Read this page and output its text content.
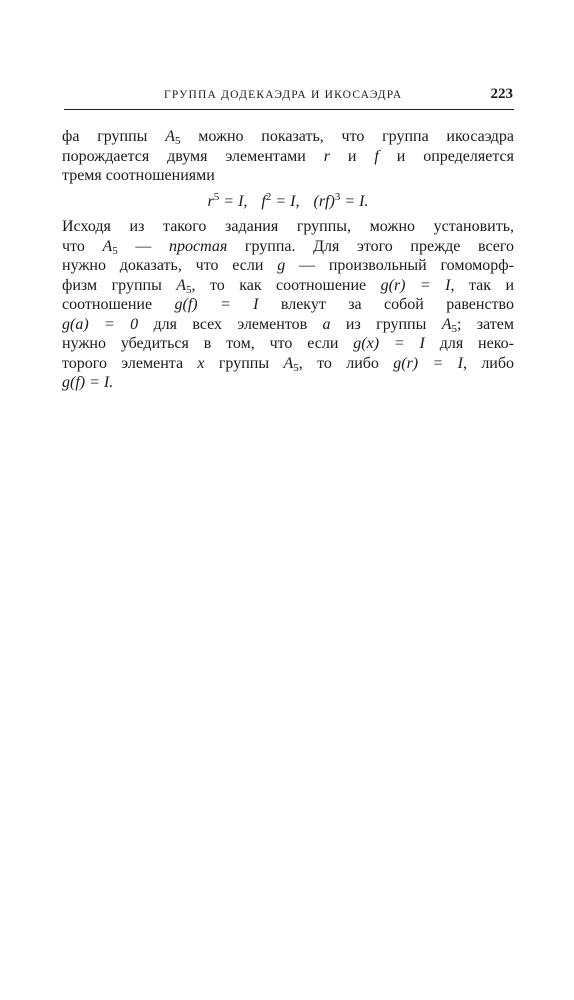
ГРУППА ДОДЕКАЭДРА И ИКОСАЭДРА	223
фа группы $A_5$ можно показать, что группа икосаэдра
порождается двумя элементами r и f и определяется
тремя соотношениями
$r^5 = I$, $f^2 = I$, (rf)$^3$ = I.
Исходя из такого задания группы, можно установить,
что $A_5$ — простая группа. Для этого прежде всего
нужно доказать, что если g — произвольный гомоморф-
физм группы $A_5$, то как соотношение g(r) = I, так и
соотношение g(f) = I влекут за собой равенство
g(a) = 0 для всех элементов a из группы $A_5$; затем
нужно убедиться в том, что если g(x) = I для неко-
торого элемента x группы $A_5$, то либо g(r) = I, либо
g(f) = I.
